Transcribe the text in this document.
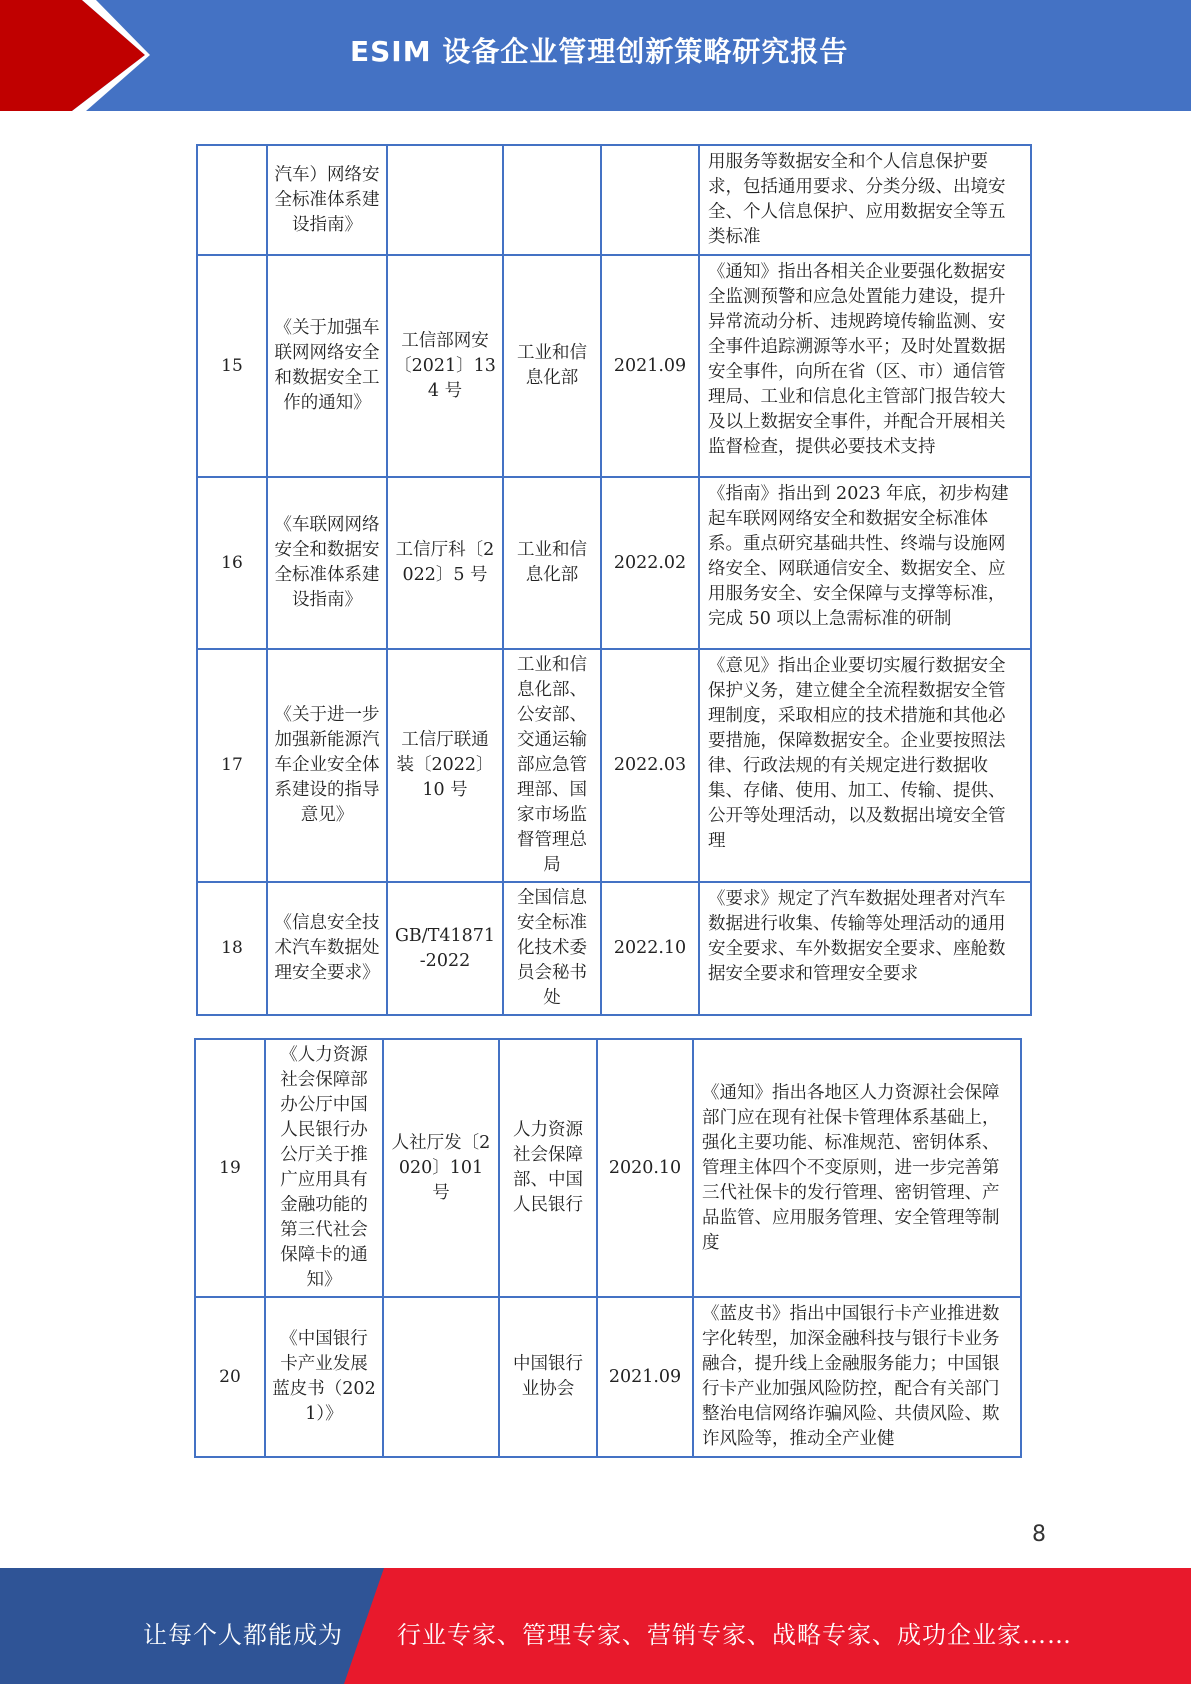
ESIM 设备企业管理创新策略研究报告
	汽车）网络安全标准体系建设指南》				用服务等数据安全和个人信息保护要求，包括通用要求、分类分级、出境安全、个人信息保护、应用数据安全等五类标准
15	《关于加强车联网网络安全和数据安全工作的通知》	工信部网安〔2021〕134 号	工业和信息化部	2021.09	《通知》指出各相关企业要强化数据安全监测预警和应急处置能力建设，提升异常流动分析、违规跨境传输监测、安全事件追踪溯源等水平；及时处置数据安全事件，向所在省（区、市）通信管理局、工业和信息化主管部门报告较大及以上数据安全事件，并配合开展相关监督检查，提供必要技术支持
16	《车联网网络安全和数据安全标准体系建设指南》	工信厅科〔2022〕5 号	工业和信息化部	2022.02	《指南》指出到 2023 年底，初步构建起车联网网络安全和数据安全标准体系。重点研究基础共性、终端与设施网络安全、网联通信安全、数据安全、应用服务安全、安全保障与支撑等标准，完成 50 项以上急需标准的研制
17	《关于进一步加强新能源汽车企业安全体系建设的指导意见》	工信厅联通装〔2022〕10 号	工业和信息化部、公安部、交通运输部应急管理部、国家市场监督管理总局	2022.03	《意见》指出企业要切实履行数据安全保护义务，建立健全全流程数据安全管理制度，采取相应的技术措施和其他必要措施，保障数据安全。企业要按照法律、行政法规的有关规定进行数据收集、存储、使用、加工、传输、提供、公开等处理活动，以及数据出境安全管理
18	《信息安全技术汽车数据处理安全要求》	GB/T41871-2022	全国信息安全标准化技术委员会秘书处	2022.10	《要求》规定了汽车数据处理者对汽车数据进行收集、传输等处理活动的通用安全要求、车外数据安全要求、座舱数据安全要求和管理安全要求
19	《人力资源社会保障部办公厅中国人民银行办公厅关于推广应用具有金融功能的第三代社会保障卡的通知》	人社厅发〔2020〕101 号	人力资源社会保障部、中国人民银行	2020.10	《通知》指出各地区人力资源社会保障部门应在现有社保卡管理体系基础上，强化主要功能、标准规范、密钥体系、管理主体四个不变原则，进一步完善第三代社保卡的发行管理、密钥管理、产品监管、应用服务管理、安全管理等制度
20	《中国银行卡产业发展蓝皮书（2021）》		中国银行业协会	2021.09	《蓝皮书》指出中国银行卡产业推进数字化转型，加深金融科技与银行卡业务融合，提升线上金融服务能力；中国银行卡产业加强风险防控，配合有关部门整治电信网络诈骗风险、共债风险、欺诈风险等，推动全产业健
8
让每个人都能成为 行业专家、管理专家、营销专家、战略专家、成功企业家……
